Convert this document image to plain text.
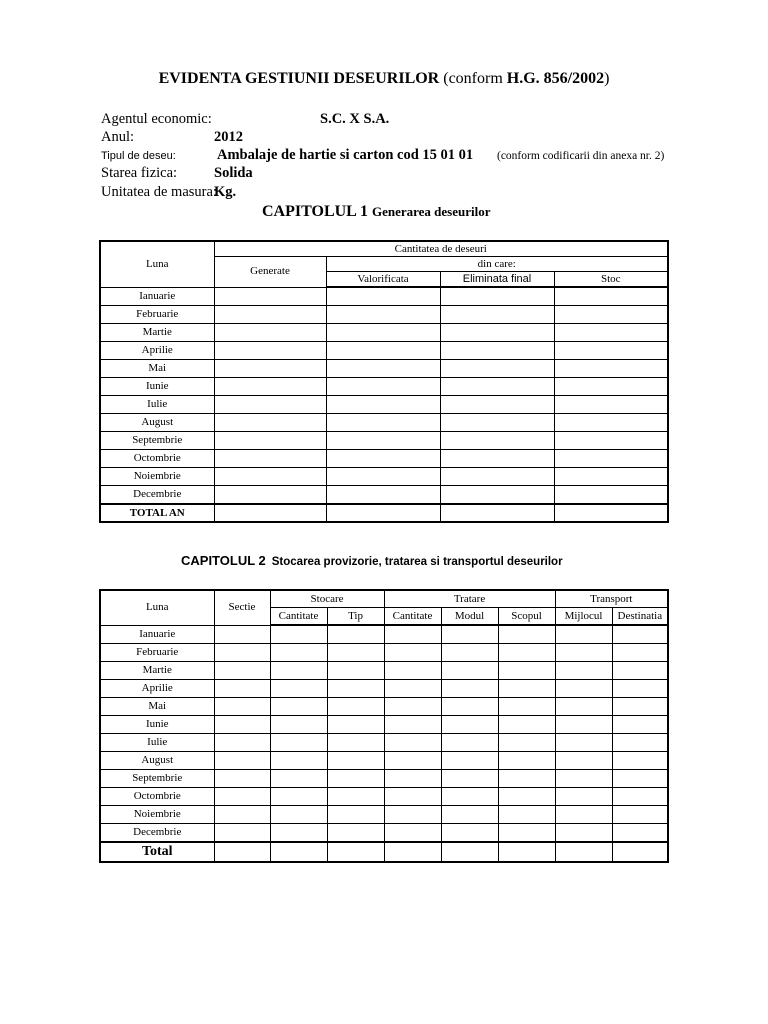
EVIDENTA GESTIUNII DESEURILOR (conform H.G. 856/2002)
Agentul economic:	S.C. X S.A.
Anul:	2012
Tipul de deseu:	Ambalaje de hartie si carton cod 15 01 01 (conform codificarii din anexa nr. 2)
Starea fizica:	Solida
Unitatea de masura:
Kg.
CAPITOLUL 1 Generarea deseurilor
Luna	Cantitatea de deseuri			
	Generate	din care:		
		Valorificata	Eliminata final	Stoc
Ianuarie				
Februarie				
Martie				
Aprilie				
Mai				
Iunie				
Iulie				
August				
Septembrie				
Octombrie				
Noiembrie				
Decembrie				
TOTAL AN				
CAPITOLUL 2 Stocarea provizorie, tratarea si transportul deseurilor
Luna	Sectie	Stocare		Tratare			Transport	
		Cantitate	Tip	Cantitate	Modul	Scopul	Mijlocul	Destinatia
Ianuarie								
Februarie								
Martie								
Aprilie								
Mai								
Iunie								
Iulie								
August								
Septembrie								
Octombrie								
Noiembrie								
Decembrie								
Total								
